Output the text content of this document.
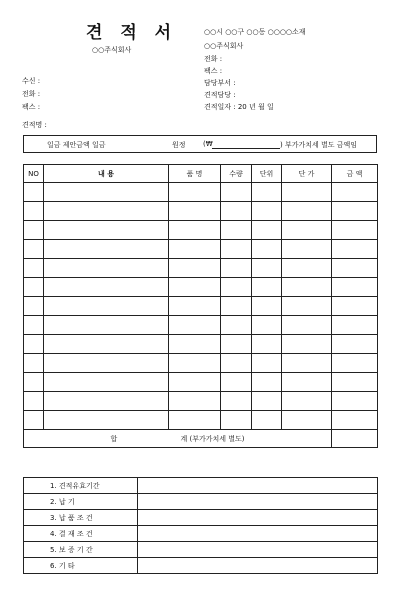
견 적 서
○○주식회사
○○시 ○○구 ○○동 ○○○○소재
○○주식회사
전화 :
팩스 :
담당부서 :
견적담당 :
견적일자 : 20 년 월 일
수신 :
전화 :
팩스 :
견적명 :
일금 제안금액 일금	원정 (₩	) 부가가치세 별도 금액임
NO	내 용	품 명	수량	단위	단 가	금 액

합 계 (부가가치세 별도)						
1. 견적유효기간	
2. 납 기	
3. 납 품 조 건	
4. 결 재 조 건	
5. 보 증 기 간	
6. 기 타	
